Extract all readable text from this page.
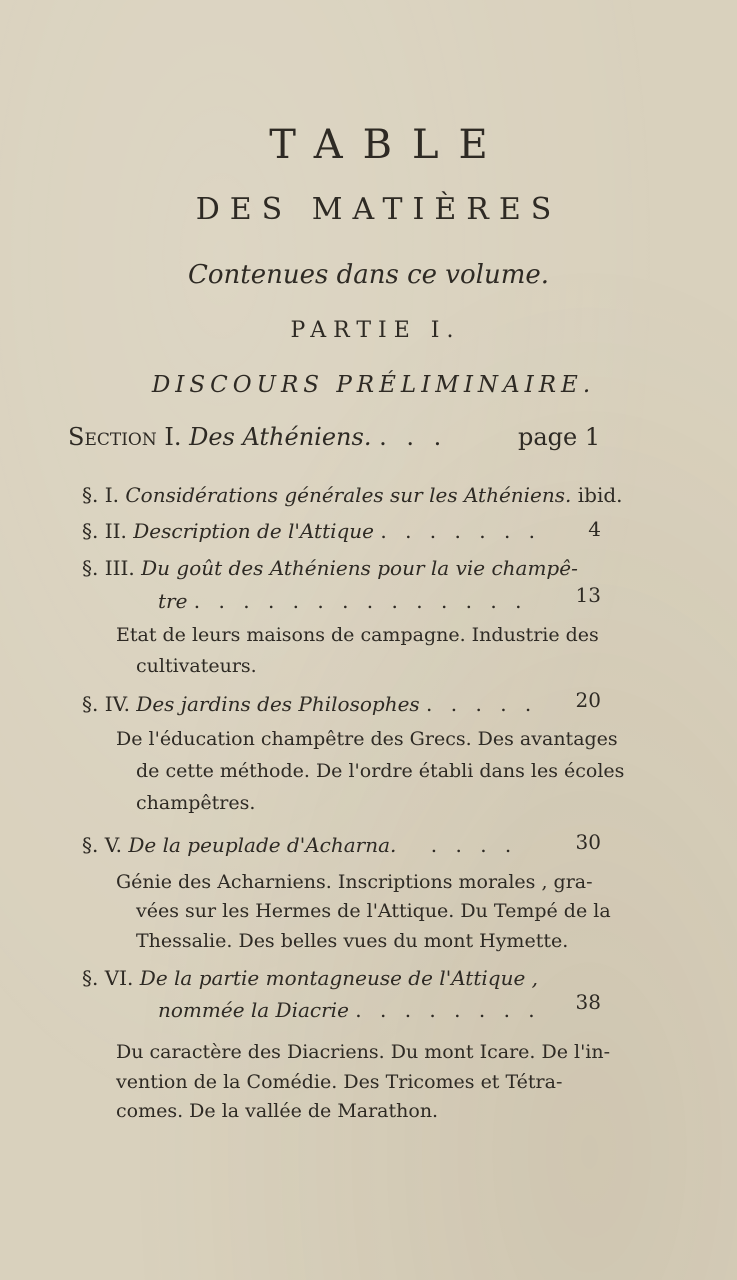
TABLE
DES MATIÈRES
Contenues dans ce volume.
PARTIE I.
DISCOURS PRÉLIMINAIRE.
Section I. Des Athéniens. . . .	page 1
§. I. Considérations générales sur les Athéniens. ibid.
§. II. Description de l'Attique . . . . . . . 4
§. III. Du goût des Athéniens pour la vie champê-
tre . . . . . . . . . . . . . . 13
Etat de leurs maisons de campagne. Industrie des
cultivateurs.
§. IV. Des jardins des Philosophes . . . . . 20
De l'éducation champêtre des Grecs. Des avantages
de cette méthode. De l'ordre établi dans les écoles
champêtres.
§. V. De la peuplade d'Acharna. . . . .	30
Génie des Acharniens. Inscriptions morales , gra-
vées sur les Hermes de l'Attique. Du Tempé de la
Thessalie. Des belles vues du mont Hymette.
§. VI. De la partie montagneuse de l'Attique ,
nommée la Diacrie . . . . . . . . 38
Du caractère des Diacriens. Du mont Icare. De l'in-
vention de la Comédie. Des Tricomes et Tétra-
comes. De la vallée de Marathon.
